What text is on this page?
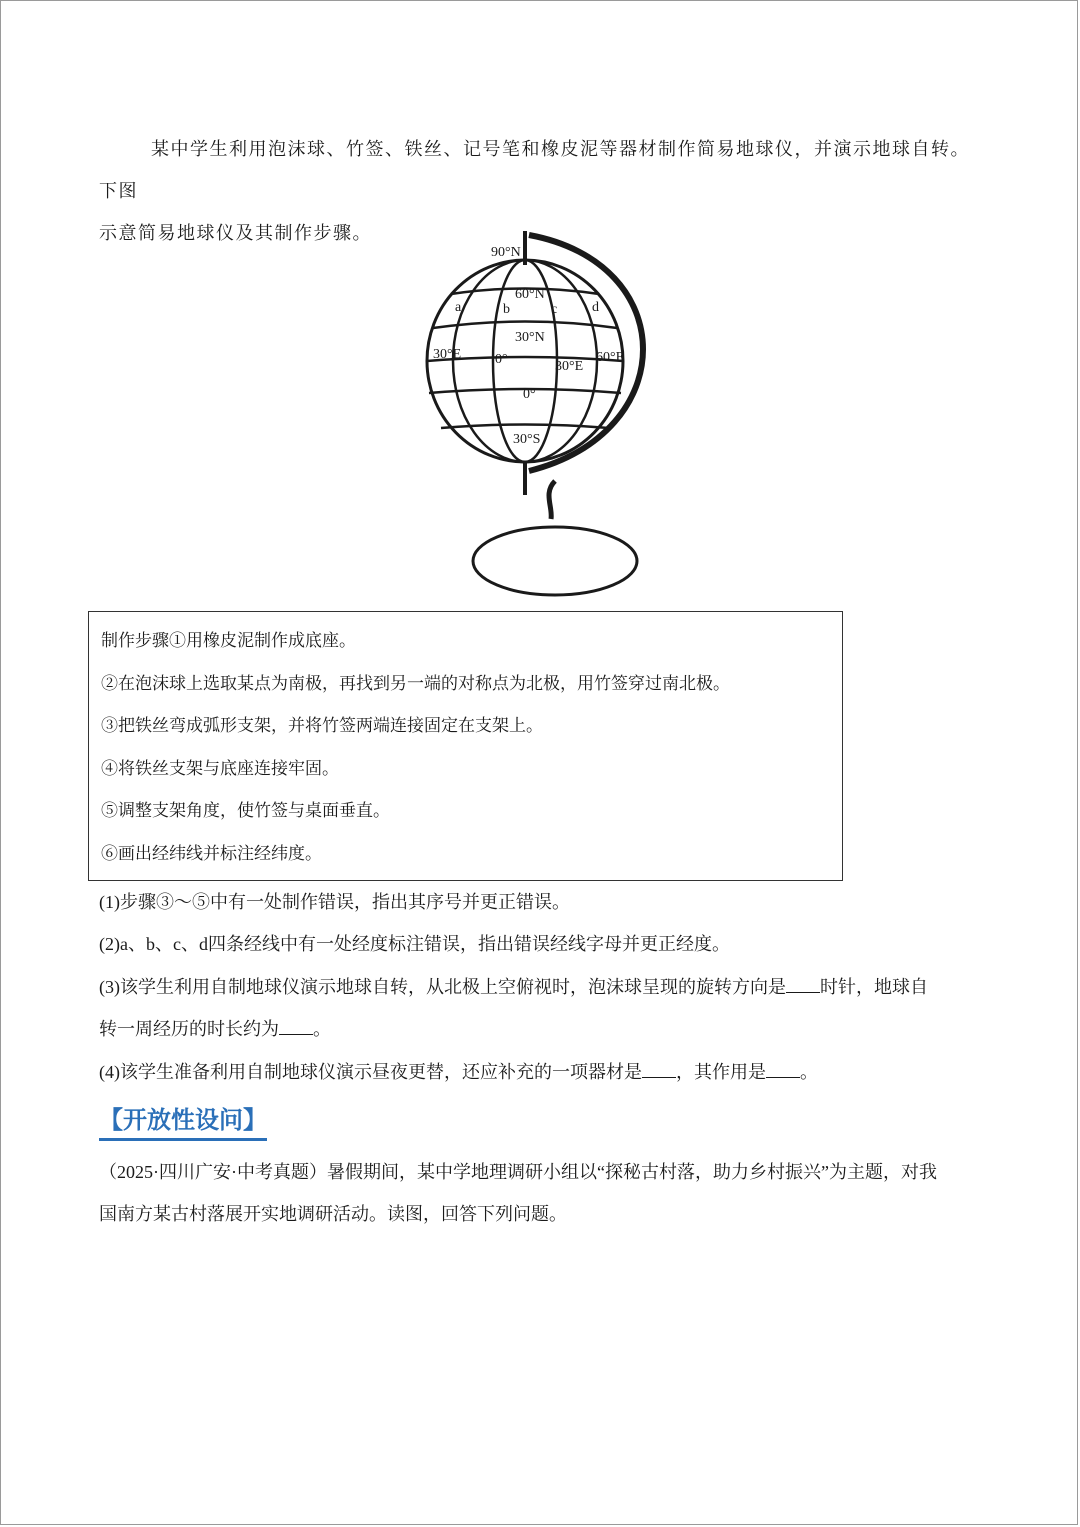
某中学生利用泡沫球、竹签、铁丝、记号笔和橡皮泥等器材制作简易地球仪，并演示地球自转。下图
示意简易地球仪及其制作步骤。

90°N
60°N
30°N
0°
30°S
a	b	c d
30°E 0°	30°E
60°E
制作步骤①用橡皮泥制作成底座。
②在泡沫球上选取某点为南极，再找到另一端的对称点为北极，用竹签穿过南北极。
③把铁丝弯成弧形支架，并将竹签两端连接固定在支架上。
④将铁丝支架与底座连接牢固。
⑤调整支架角度，使竹签与桌面垂直。
⑥画出经纬线并标注经纬度。

(1)步骤③～⑤中有一处制作错误，指出其序号并更正错误。

(2)a、b、c、d四条经线中有一处经度标注错误，指出错误经线字母并更正经度。

(3)该学生利用自制地球仪演示地球自转，从北极上空俯视时，泡沫球呈现的旋转方向是 时针，地球自
转一周经历的时长约为 。

(4)该学生准备利用自制地球仪演示昼夜更替，还应补充的一项器材是 ，其作用是 。

【开放性设问】

（2025·四川广安·中考真题）暑假期间，某中学地理调研小组以“探秘古村落，助力乡村振兴”为主题，对我
国南方某古村落展开实地调研活动。读图，回答下列问题。
